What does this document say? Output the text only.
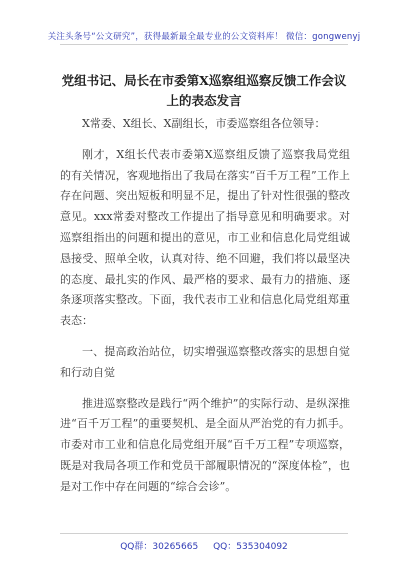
关注头条号“公文研究”，获得最新最全最专业的公文资料库！ 微信：gongwenyj
党组书记、局长在市委第X巡察组巡察反馈工作会议上的表态发言

X常委、X组长、X副组长，市委巡察组各位领导：

刚才，X组长代表市委第X巡察组反馈了巡察我局党组的有关情况，客观地指出了我局在落实“百千万工程”工作上存在问题、突出短板和明显不足，提出了针对性很强的整改意见。xxx常委对整改工作提出了指导意见和明确要求。对巡察组指出的问题和提出的意见，市工业和信息化局党组诚恳接受、照单全收，认真对待、绝不回避，我们将以最坚决的态度、最扎实的作风、最严格的要求、最有力的措施、逐条逐项落实整改。下面，我代表市工业和信息化局党组郑重表态：

一、提高政治站位，切实增强巡察整改落实的思想自觉和行动自觉

推进巡察整改是践行“两个维护”的实际行动、是纵深推进“百千万工程”的重要契机、是全面从严治党的有力抓手。市委对市工业和信息化局党组开展“百千万工程”专项巡察，既是对我局各项工作和党员干部履职情况的“深度体检”，也是对工作中存在问题的“综合会诊”。

QQ群：30265665 QQ：535304092
